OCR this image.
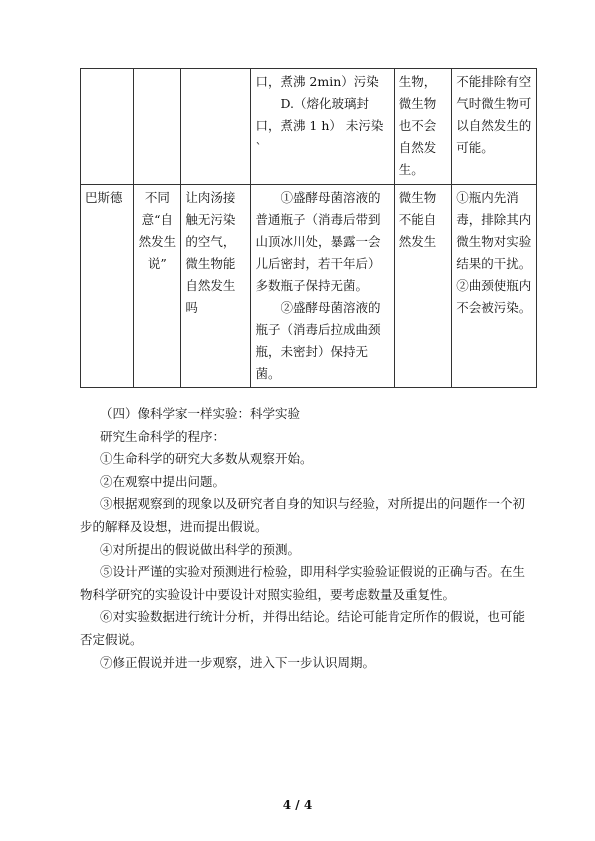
			口，煮沸 2min）污染
D.（熔化玻璃封口，煮沸 1 h） 未污染
`	生物，微生物也不会自然发生。	不能排除有空气时微生物可以自然发生的可能。
巴斯德	不同意“自然发生说”	让肉汤接触无污染的空气，微生物能自然发生吗	①盛酵母菌溶液的普通瓶子（消毒后带到山顶冰川处，暴露一会儿后密封，若干年后）多数瓶子保持无菌。
②盛酵母菌溶液的瓶子（消毒后拉成曲颈瓶，未密封）保持无菌。	微生物不能自然发生	①瓶内先消毒，排除其内微生物对实验结果的干扰。
②曲颈使瓶内不会被污染。

（四）像科学家一样实验：科学实验

研究生命科学的程序：

①生命科学的研究大多数从观察开始。

②在观察中提出问题。

③根据观察到的现象以及研究者自身的知识与经验，对所提出的问题作一个初步的解释及设想，进而提出假说。

④对所提出的假说做出科学的预测。

⑤设计严谨的实验对预测进行检验，即用科学实验验证假说的正确与否。在生物科学研究的实验设计中要设计对照实验组，要考虑数量及重复性。

⑥对实验数据进行统计分析，并得出结论。结论可能肯定所作的假说，也可能否定假说。

⑦修正假说并进一步观察，进入下一步认识周期。

4 / 4
